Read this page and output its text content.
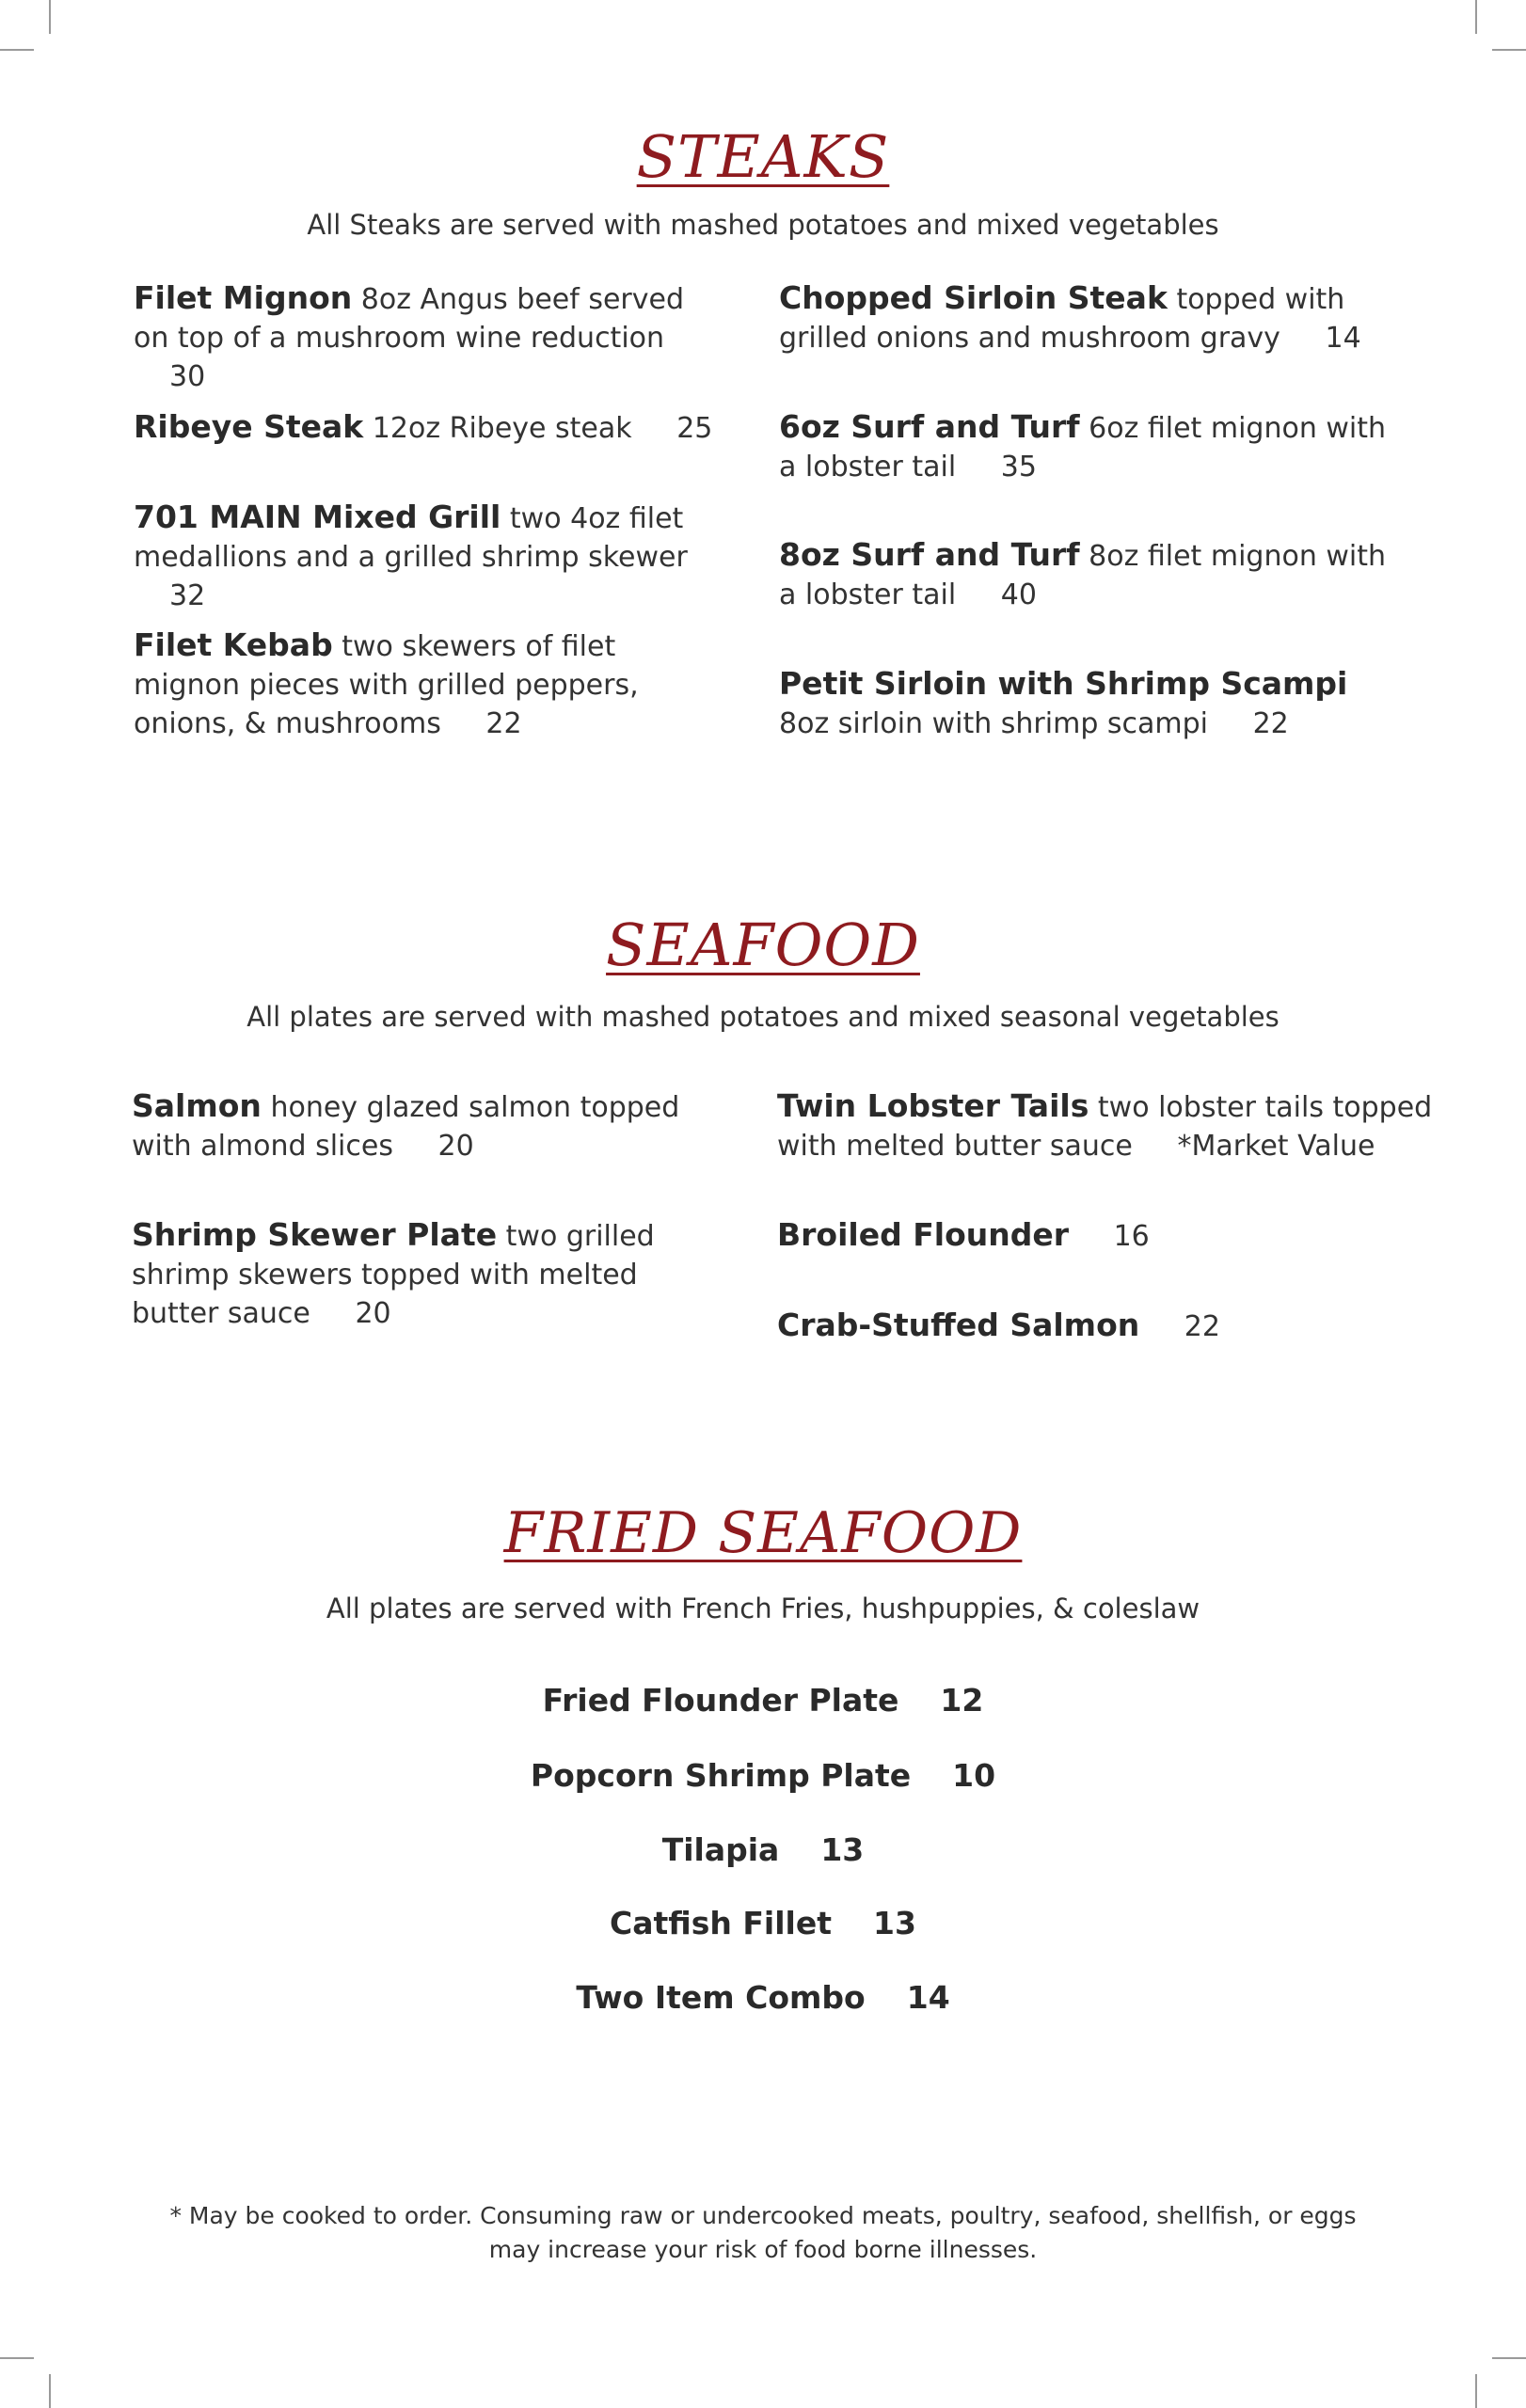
STEAKS
All Steaks are served with mashed potatoes and mixed vegetables
Filet Mignon 8oz Angus beef served on top of a mushroom wine reduction 30
Ribeye Steak 12oz Ribeye steak 25
701 MAIN Mixed Grill two 4oz filet medallions and a grilled shrimp skewer 32
Filet Kebab two skewers of filet mignon pieces with grilled peppers, onions, & mushrooms 22
Chopped Sirloin Steak topped with grilled onions and mushroom gravy 14
6oz Surf and Turf 6oz filet mignon with a lobster tail 35
8oz Surf and Turf 8oz filet mignon with a lobster tail 40
Petit Sirloin with Shrimp Scampi 8oz sirloin with shrimp scampi 22
SEAFOOD
All plates are served with mashed potatoes and mixed seasonal vegetables
Salmon honey glazed salmon topped with almond slices 20
Shrimp Skewer Plate two grilled shrimp skewers topped with melted butter sauce 20
Twin Lobster Tails two lobster tails topped with melted butter sauce *Market Value
Broiled Flounder 16
Crab-Stuffed Salmon 22
FRIED SEAFOOD
All plates are served with French Fries, hushpuppies, & coleslaw
Fried Flounder Plate 12
Popcorn Shrimp Plate 10
Tilapia 13
Catfish Fillet 13
Two Item Combo 14
* May be cooked to order. Consuming raw or undercooked meats, poultry, seafood, shellfish, or eggs may increase your risk of food borne illnesses.
